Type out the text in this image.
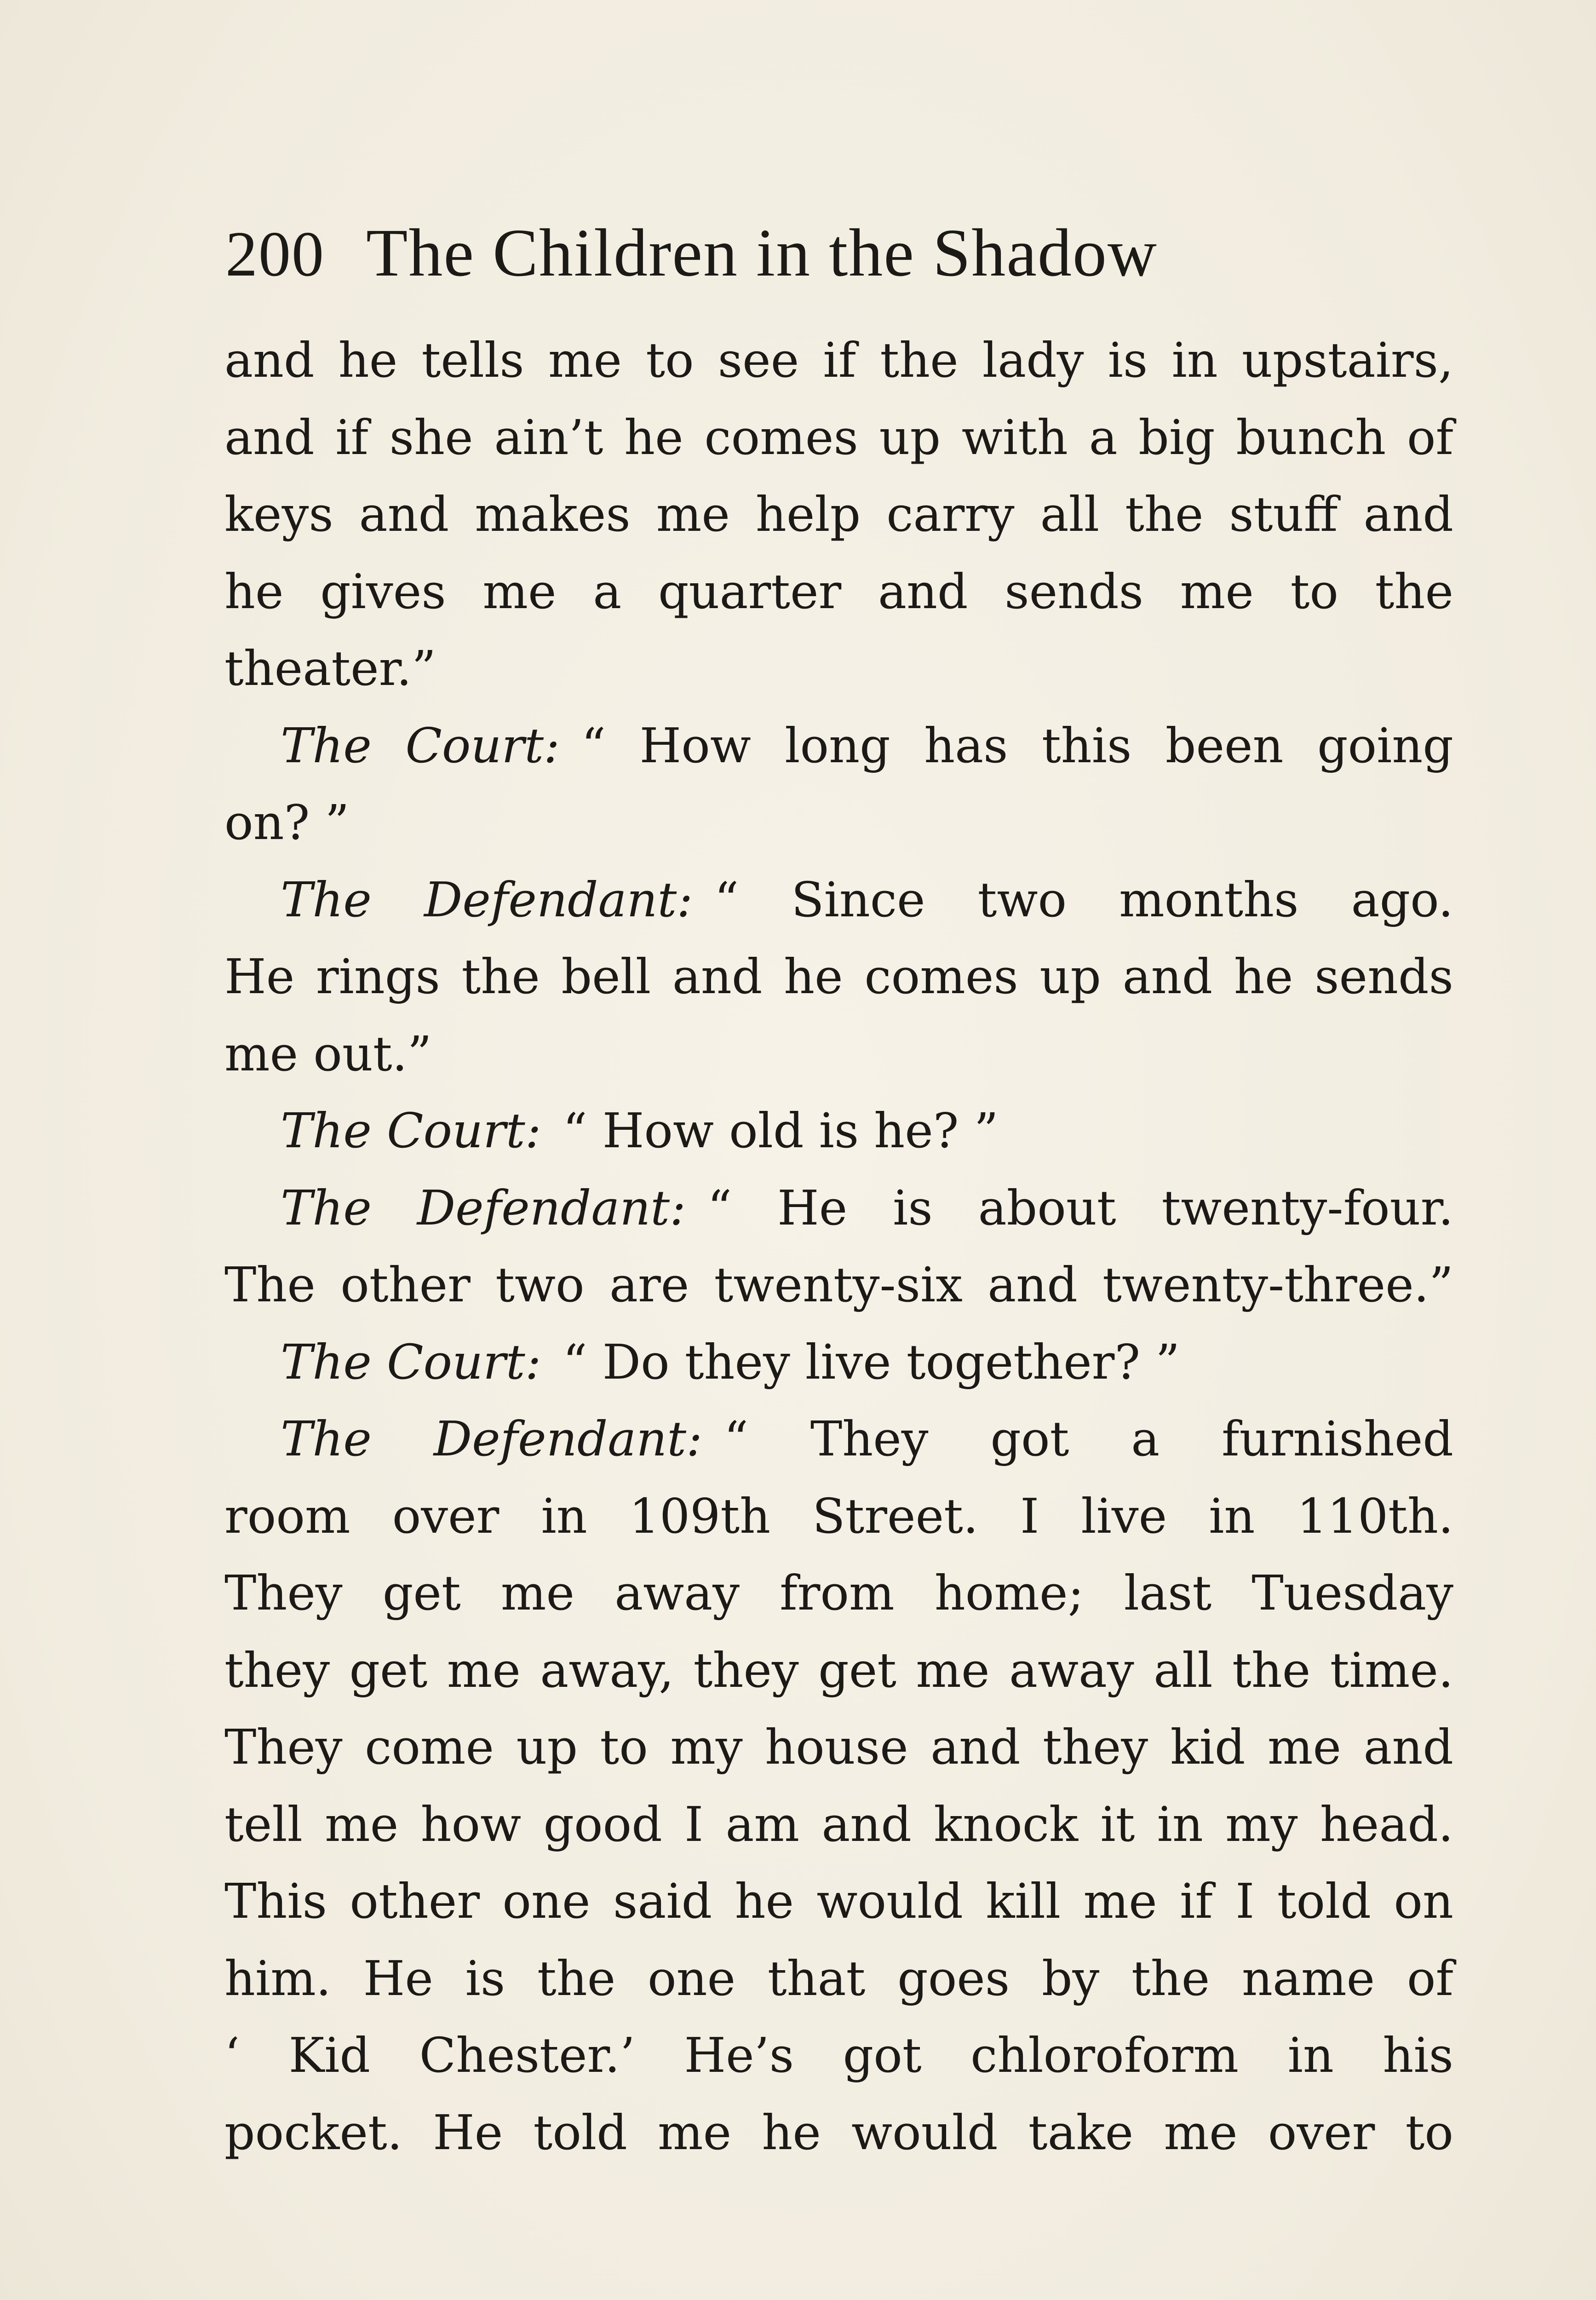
200 The Children in the Shadow
and he tells me to see if the lady is in upstairs,
and if she ain’t he comes up with a big bunch of
keys and makes me help carry all the stuff and
he gives me a quarter and sends me to the
theater.”
The Court: “ How long has this been going
on? ”
The Defendant: “ Since two months ago.
He rings the bell and he comes up and he sends
me out.”
The Court: “ How old is he? ”
The Defendant: “ He is about twenty-four.
The other two are twenty-six and twenty-three.”
The Court: “ Do they live together? ”
The Defendant: “ They got a furnished
room over in 109th Street. I live in 110th.
They get me away from home; last Tuesday
they get me away, they get me away all the time.
They come up to my house and they kid me and
tell me how good I am and knock it in my head.
This other one said he would kill me if I told on
him. He is the one that goes by the name of
‘ Kid Chester.’ He’s got chloroform in his
pocket. He told me he would take me over to
